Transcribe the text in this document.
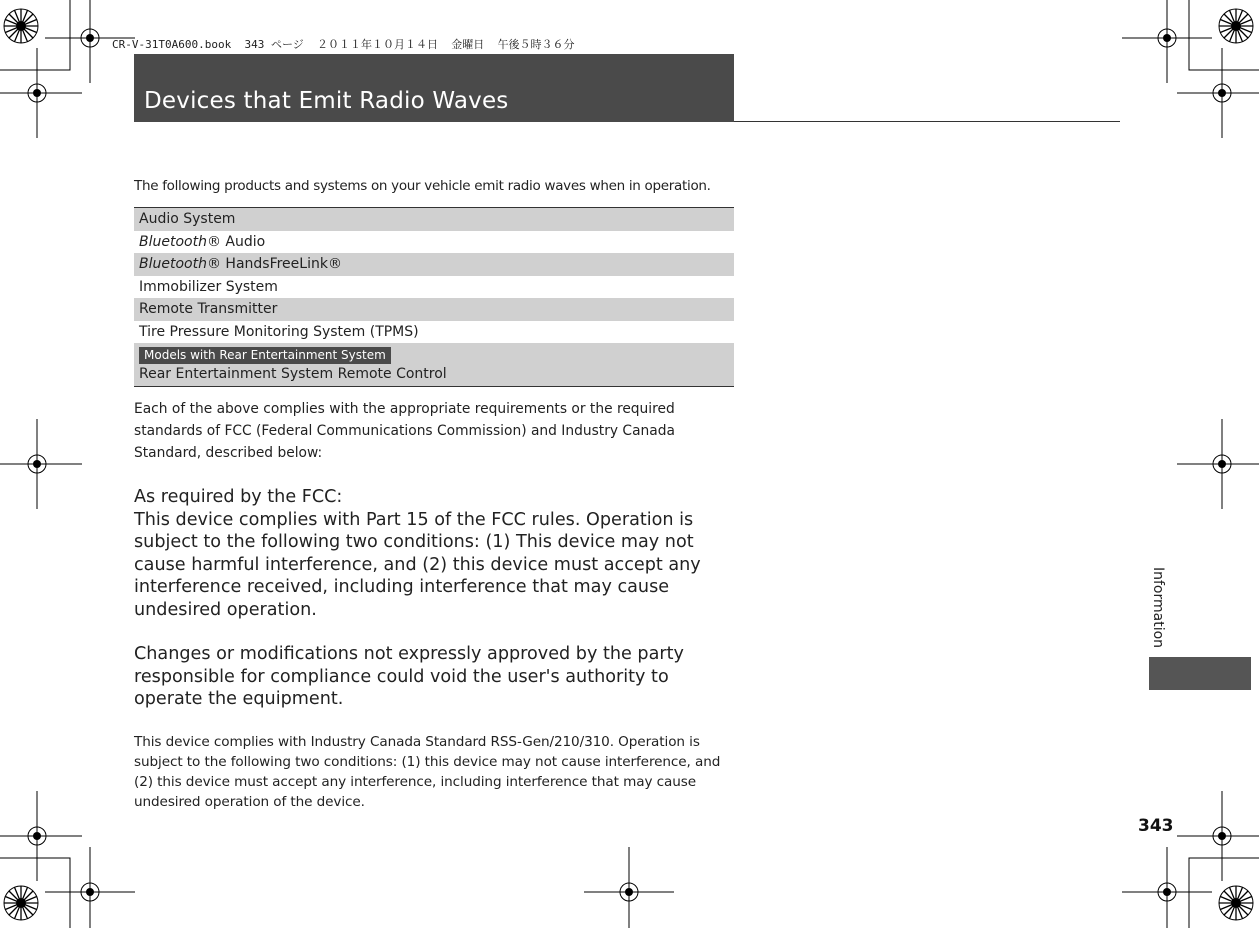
CR-V-31T0A600.book  343 ページ  ２０１１年１０月１４日  金曜日  午後５時３６分
Devices that Emit Radio Waves
The following products and systems on your vehicle emit radio waves when in operation.
Audio System
Bluetooth® Audio
Bluetooth® HandsFreeLink®
Immobilizer System
Remote Transmitter
Tire Pressure Monitoring System (TPMS)
Models with Rear Entertainment System
Rear Entertainment System Remote Control
Each of the above complies with the appropriate requirements or the required standards of FCC (Federal Communications Commission) and Industry Canada Standard, described below:
As required by the FCC:
This device complies with Part 15 of the FCC rules. Operation is subject to the following two conditions: (1) This device may not cause harmful interference, and (2) this device must accept any interference received, including interference that may cause undesired operation.
Changes or modifications not expressly approved by the party responsible for compliance could void the user's authority to operate the equipment.
This device complies with Industry Canada Standard RSS-Gen/210/310. Operation is subject to the following two conditions: (1) this device may not cause interference, and (2) this device must accept any interference, including interference that may cause undesired operation of the device.
Information
343
